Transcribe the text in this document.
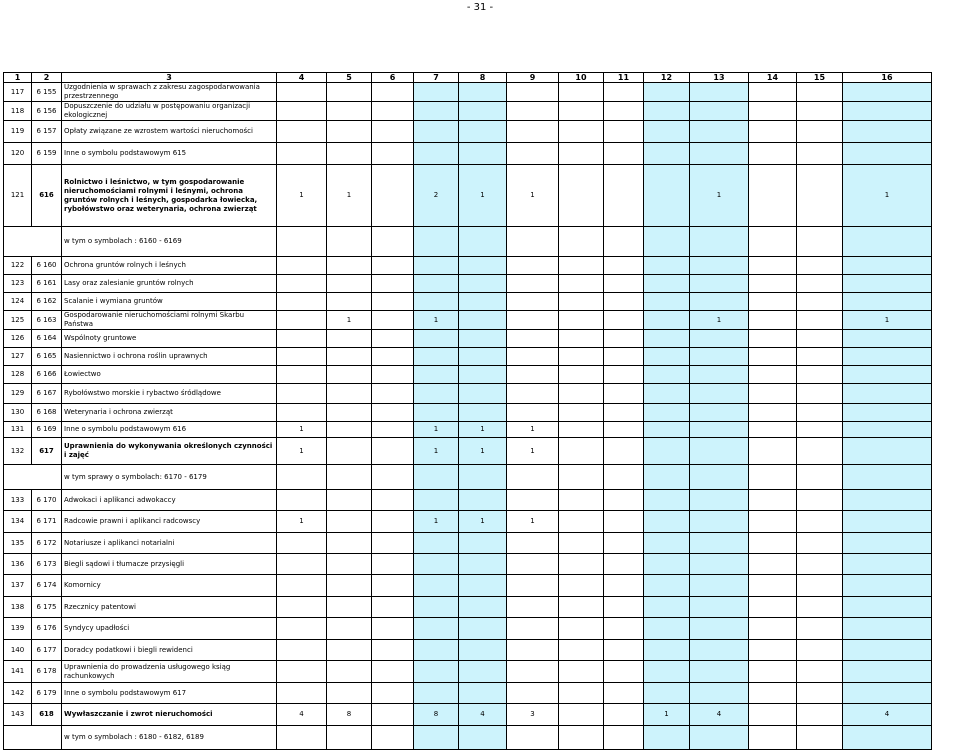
- 31 -
1	2	3	4	5	6	7	8	9	10	11	12	13	14	15	16	
117	6 155	Uzgodnienia w sprawach z zakresu zagospodarwowania przestrzennego														
118	6 156	Dopuszczenie do udziału w postępowaniu organizacji ekologicznej														
119	6 157	Opłaty związane ze wzrostem wartości nieruchomości														
120	6 159	Inne o symbolu podstawowym 615														
121	616	Rolnictwo i leśnictwo, w tym gospodarowanie nieruchomościami rolnymi i leśnymi, ochrona gruntów rolnych i leśnych, gospodarka łowiecka, rybołówstwo oraz weterynaria, ochrona zwierząt	1	1		2	1	1				1			1	
		w tym o symbolach : 6160 - 6169														
122	6 160	Ochrona gruntów rolnych i leśnych														
123	6 161	Lasy oraz zalesianie gruntów rolnych														
124	6 162	Scalanie i wymiana gruntów														
125	6 163	Gospodarowanie nieruchomościami rolnymi Skarbu Państwa		1		1						1			1	
126	6 164	Wspólnoty gruntowe														
127	6 165	Nasiennictwo i ochrona roślin uprawnych														
128	6 166	Łowiectwo														
129	6 167	Rybołówstwo morskie i rybactwo śródlądowe														
130	6 168	Weterynaria i ochrona zwierząt														
131	6 169	Inne o symbolu podstawowym 616	1			1	1	1								
132	617	Uprawnienia do wykonywania określonych czynności i zajęć	1			1	1	1								
		w tym sprawy o symbolach: 6170 - 6179														
133	6 170	Adwokaci i aplikanci adwokaccy														
134	6 171	Radcowie prawni i aplikanci radcowscy	1			1	1	1								
135	6 172	Notariusze i aplikanci notarialni														
136	6 173	Biegli sądowi i tłumacze przysięgli														
137	6 174	Komornicy														
138	6 175	Rzecznicy patentowi														
139	6 176	Syndycy upadłości														
140	6 177	Doradcy podatkowi i biegli rewidenci														
141	6 178	Uprawnienia do prowadzenia usługowego ksiąg rachunkowych														
142	6 179	Inne o symbolu podstawowym 617														
143	618	Wywłaszczanie i zwrot nieruchomości	4	8		8	4	3			1	4			4	
		w tym o symbolach : 6180 - 6182, 6189														
